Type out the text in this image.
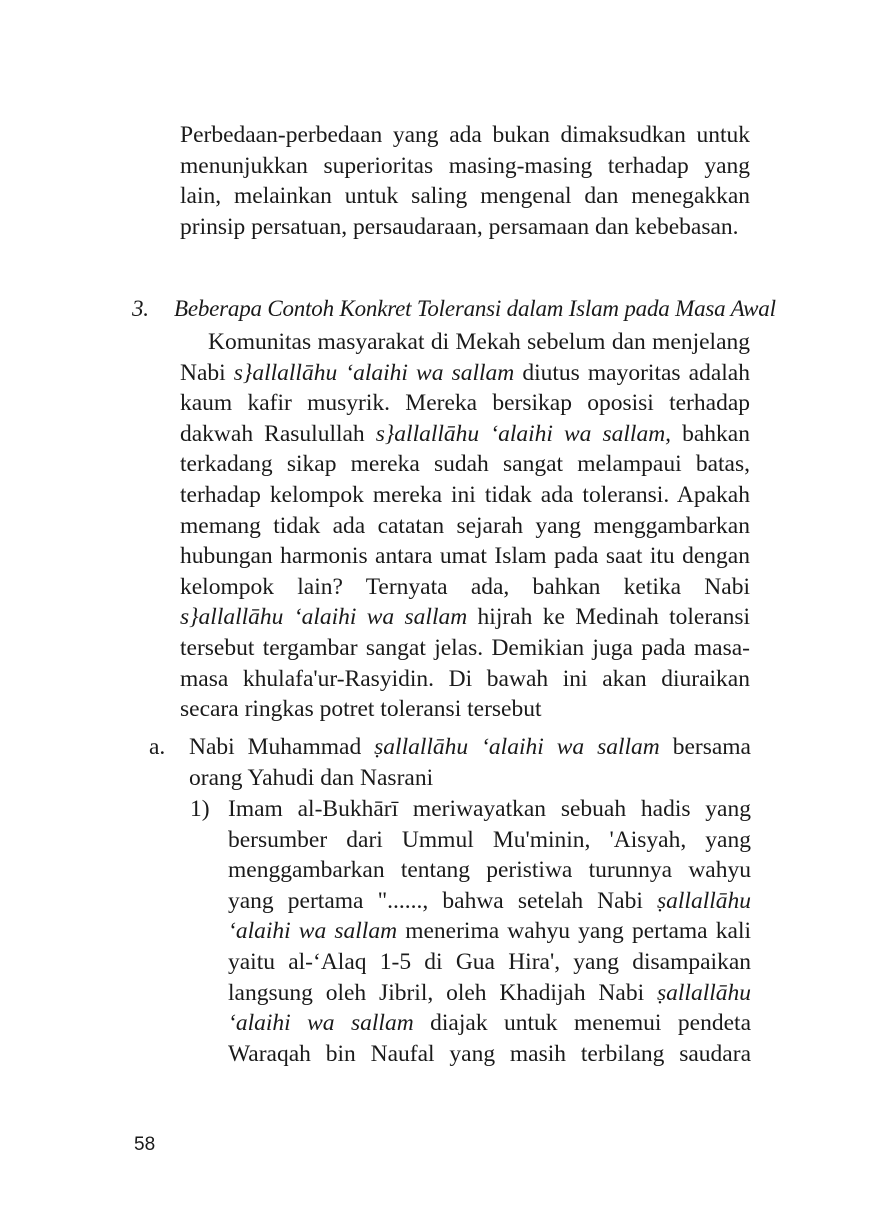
Perbedaan-perbedaan yang ada bukan dimaksudkan untuk menunjukkan superioritas masing-masing terhadap yang lain, melainkan untuk saling mengenal dan menegakkan prinsip persatuan, persaudaraan, persamaan dan kebebasan.

3. Beberapa Contoh Konkret Toleransi dalam Islam pada Masa Awal

Komunitas masyarakat di Mekah sebelum dan menjelang Nabi s}allallāhu ‘alaihi wa sallam diutus mayoritas adalah kaum kafir musyrik. Mereka bersikap oposisi terhadap dakwah Rasulullah s}allallāhu ‘alaihi wa sallam, bahkan terkadang sikap mereka sudah sangat melampaui batas, terhadap kelompok mereka ini tidak ada toleransi. Apakah memang tidak ada catatan sejarah yang menggambarkan hubungan harmonis antara umat Islam pada saat itu dengan kelompok lain? Ternyata ada, bahkan ketika Nabi s}allallāhu ‘alaihi wa sallam hijrah ke Medinah toleransi tersebut tergambar sangat jelas. Demikian juga pada masa-masa khulafa'ur-Rasyidin. Di bawah ini akan diuraikan secara ringkas potret toleransi tersebut

a. Nabi Muhammad ṣallallāhu ‘alaihi wa sallam bersama orang Yahudi dan Nasrani
1) Imam al-Bukhārī meriwayatkan sebuah hadis yang bersumber dari Ummul Mu'minin, 'Aisyah, yang menggambarkan tentang peristiwa turunnya wahyu yang pertama "......, bahwa setelah Nabi ṣallallāhu ‘alaihi wa sallam menerima wahyu yang pertama kali yaitu al-‘Alaq 1-5 di Gua Hira', yang disampaikan langsung oleh Jibril, oleh Khadijah Nabi ṣallallāhu ‘alaihi wa sallam diajak untuk menemui pendeta Waraqah bin Naufal yang masih terbilang saudara
58
